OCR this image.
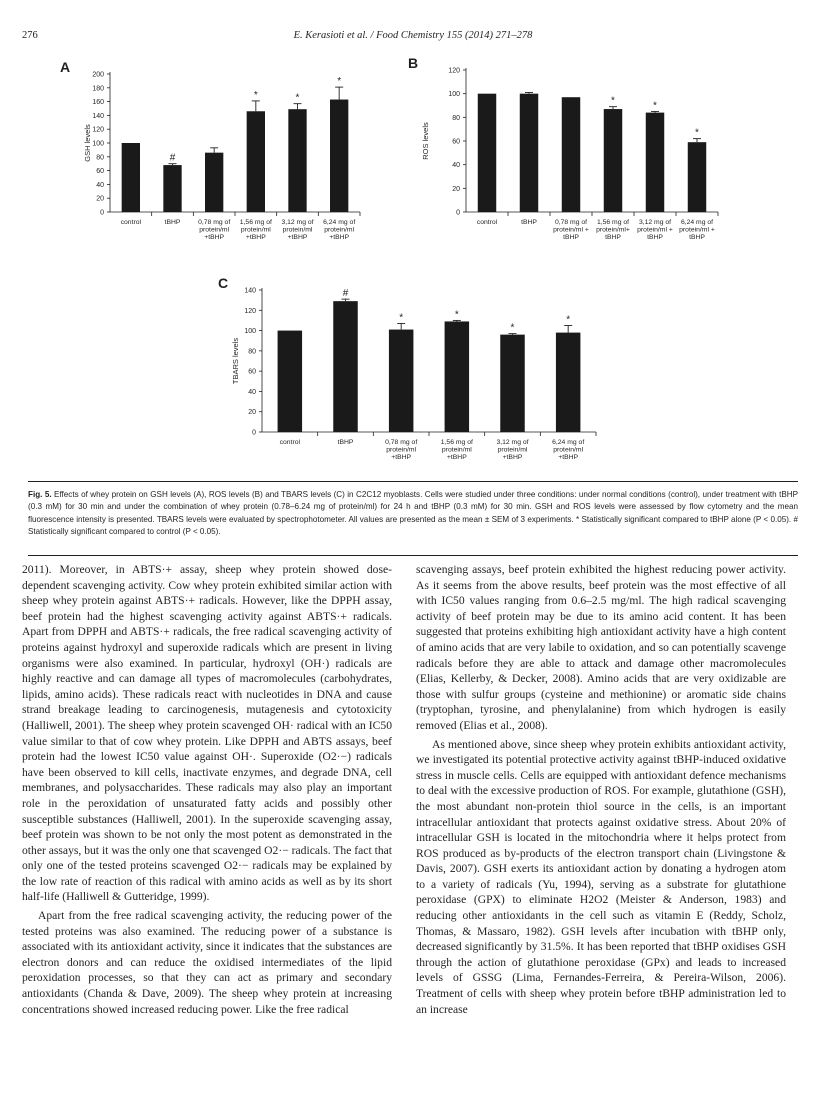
276	E. Kerasioti et al. / Food Chemistry 155 (2014) 271–278
A
0
20
40
60
80
100
120
140
160
180
200
GSH levels
control
#
tBHP	0,78 mg of
protein/ml
+tBHP
*
1,56 mg of
protein/ml
+tBHP
*
3,12 mg of
protein/ml
+tBHP
*
6,24 mg of
protein/ml
+tBHP
B
0
20
40
60
80
100
120
ROS levels
control	tBHP	0,78 mg of
protein/ml +
tBHP
*
1,56 mg of
protein/ml+
tBHP
*
3,12 mg of
protein/ml +
tBHP
*
6,24 mg of
protein/ml +
tBHP
C
0
20
40
60
80
100
120
140
TBARS levels
control
#
tBHP
*
0,78 mg of
protein/ml
+tBHP
*
1,56 mg of
protein/ml
+tBHP
*
3,12 mg of
protein/ml
+tBHP
*
6,24 mg of
protein/ml
+tBHP
Fig. 5. Effects of whey protein on GSH levels (A), ROS levels (B) and TBARS levels (C) in C2C12 myoblasts. Cells were studied under three conditions: under normal conditions (control), under treatment with tBHP (0.3 mM) for 30 min and under the combination of whey protein (0.78–6.24 mg of protein/ml) for 24 h and tBHP (0.3 mM) for 30 min. GSH and ROS levels were assessed by flow cytometry and the mean fluorescence intensity is presented. TBARS levels were evaluated by spectrophotometer. All values are presented as the mean ± SEM of 3 experiments. * Statistically significant compared to tBHP alone (P < 0.05). # Statistically significant compared to control (P < 0.05).

2011). Moreover, in ABTS·+ assay, sheep whey protein showed dose-dependent scavenging activity. Cow whey protein exhibited similar action with sheep whey protein against ABTS·+ radicals. However, like the DPPH assay, beef protein had the highest scavenging activity against ABTS·+ radicals. Apart from DPPH and ABTS·+ radicals, the free radical scavenging activity of proteins against hydroxyl and superoxide radicals which are present in living organisms were also examined. In particular, hydroxyl (OH·) radicals are highly reactive and can damage all types of macromolecules (carbohydrates, lipids, amino acids). These radicals react with nucleotides in DNA and cause strand breakage leading to carcinogenesis, mutagenesis and cytotoxicity (Halliwell, 2001). The sheep whey protein scavenged OH· radical with an IC50 value similar to that of cow whey protein. Like DPPH and ABTS assays, beef protein had the lowest IC50 value against OH·. Superoxide (O2·−) radicals have been observed to kill cells, inactivate enzymes, and degrade DNA, cell membranes, and polysaccharides. These radicals may also play an important role in the peroxidation of unsaturated fatty acids and possibly other susceptible substances (Halliwell, 2001). In the superoxide scavenging assay, beef protein was shown to be not only the most potent as demonstrated in the other assays, but it was the only one that scavenged O2·− radicals. The fact that only one of the tested proteins scavenged O2·− radicals may be explained by the low rate of reaction of this radical with amino acids as well as by its short half-life (Halliwell & Gutteridge, 1999).

Apart from the free radical scavenging activity, the reducing power of the tested proteins was also examined. The reducing power of a substance is associated with its antioxidant activity, since it indicates that the substances are electron donors and can reduce the oxidised intermediates of the lipid peroxidation processes, so that they can act as primary and secondary antioxidants (Chanda & Dave, 2009). The sheep whey protein at increasing concentrations showed increased reducing power. Like the free radical

scavenging assays, beef protein exhibited the highest reducing power activity. As it seems from the above results, beef protein was the most effective of all with IC50 values ranging from 0.6–2.5 mg/ml. The high radical scavenging activity of beef protein may be due to its amino acid content. It has been suggested that proteins exhibiting high antioxidant activity have a high content of amino acids that are very labile to oxidation, and so can potentially scavenge radicals before they are able to attack and damage other macromolecules (Elias, Kellerby, & Decker, 2008). Amino acids that are very oxidizable are those with sulfur groups (cysteine and methionine) or aromatic side chains (tryptophan, tyrosine, and phenylalanine) from which hydrogen is easily removed (Elias et al., 2008).

As mentioned above, since sheep whey protein exhibits antioxidant activity, we investigated its potential protective activity against tBHP-induced oxidative stress in muscle cells. Cells are equipped with antioxidant defence mechanisms to deal with the excessive production of ROS. For example, glutathione (GSH), the most abundant non-protein thiol source in the cells, is an important intracellular antioxidant that protects against oxidative stress. About 20% of intracellular GSH is located in the mitochondria where it helps protect from ROS produced as by-products of the electron transport chain (Livingstone & Davis, 2007). GSH exerts its antioxidant action by donating a hydrogen atom to a variety of radicals (Yu, 1994), serving as a substrate for glutathione peroxidase (GPX) to eliminate H2O2 (Meister & Anderson, 1983) and reducing other antioxidants in the cell such as vitamin E (Reddy, Scholz, Thomas, & Massaro, 1982). GSH levels after incubation with tBHP only, decreased significantly by 31.5%. It has been reported that tBHP oxidises GSH through the action of glutathione peroxidase (GPx) and leads to increased levels of GSSG (Lima, Fernandes-Ferreira, & Pereira-Wilson, 2006). Treatment of cells with sheep whey protein before tBHP administration led to an increase
